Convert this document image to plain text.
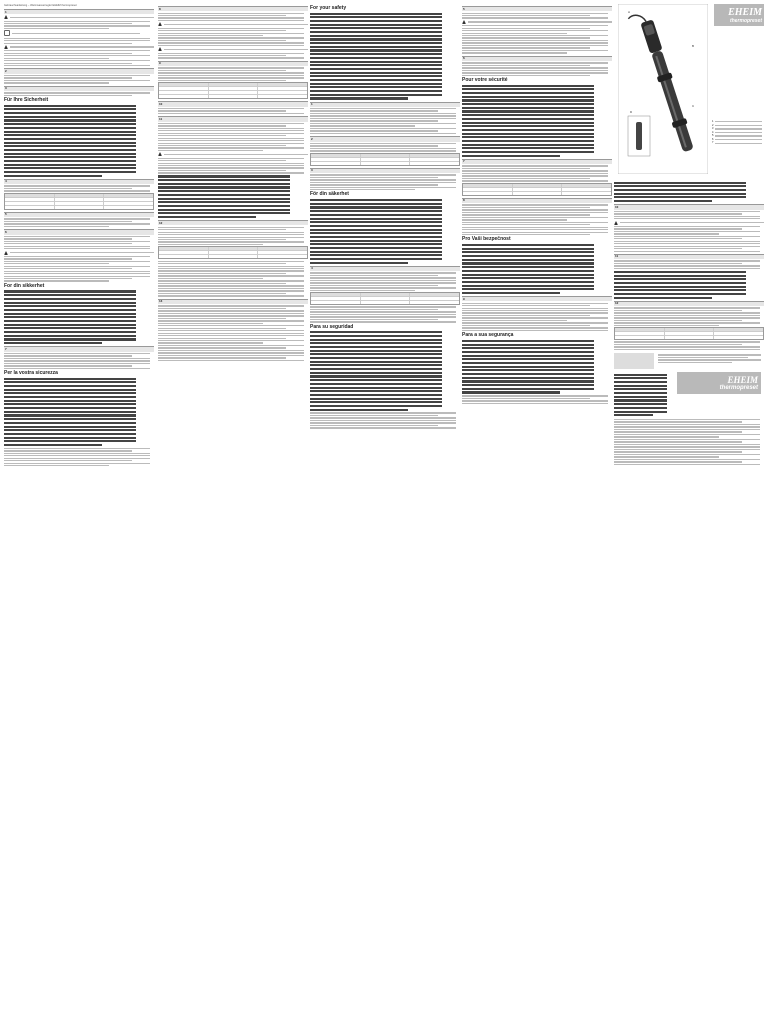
Gebrauchsanleitung – Warmwasserregler EHEIM thermopreset
1
2
3
Für Ihre Sicherheit
4
5
6
For din sikkerhet
7
Per la vostra sicurezza
8
9
10
11
12
13
For your safety
1
2
3
För din säkerhet
4
Para su seguridad
5
6
Pour votre sécurité
7
8
Pro Vaši bezpečnost
9
Para a sua segurança
10
11
12
EHEIM
thermopreset
EHEIM
thermopreset
A
B
C
D
1
2
3
4
5
6
7
